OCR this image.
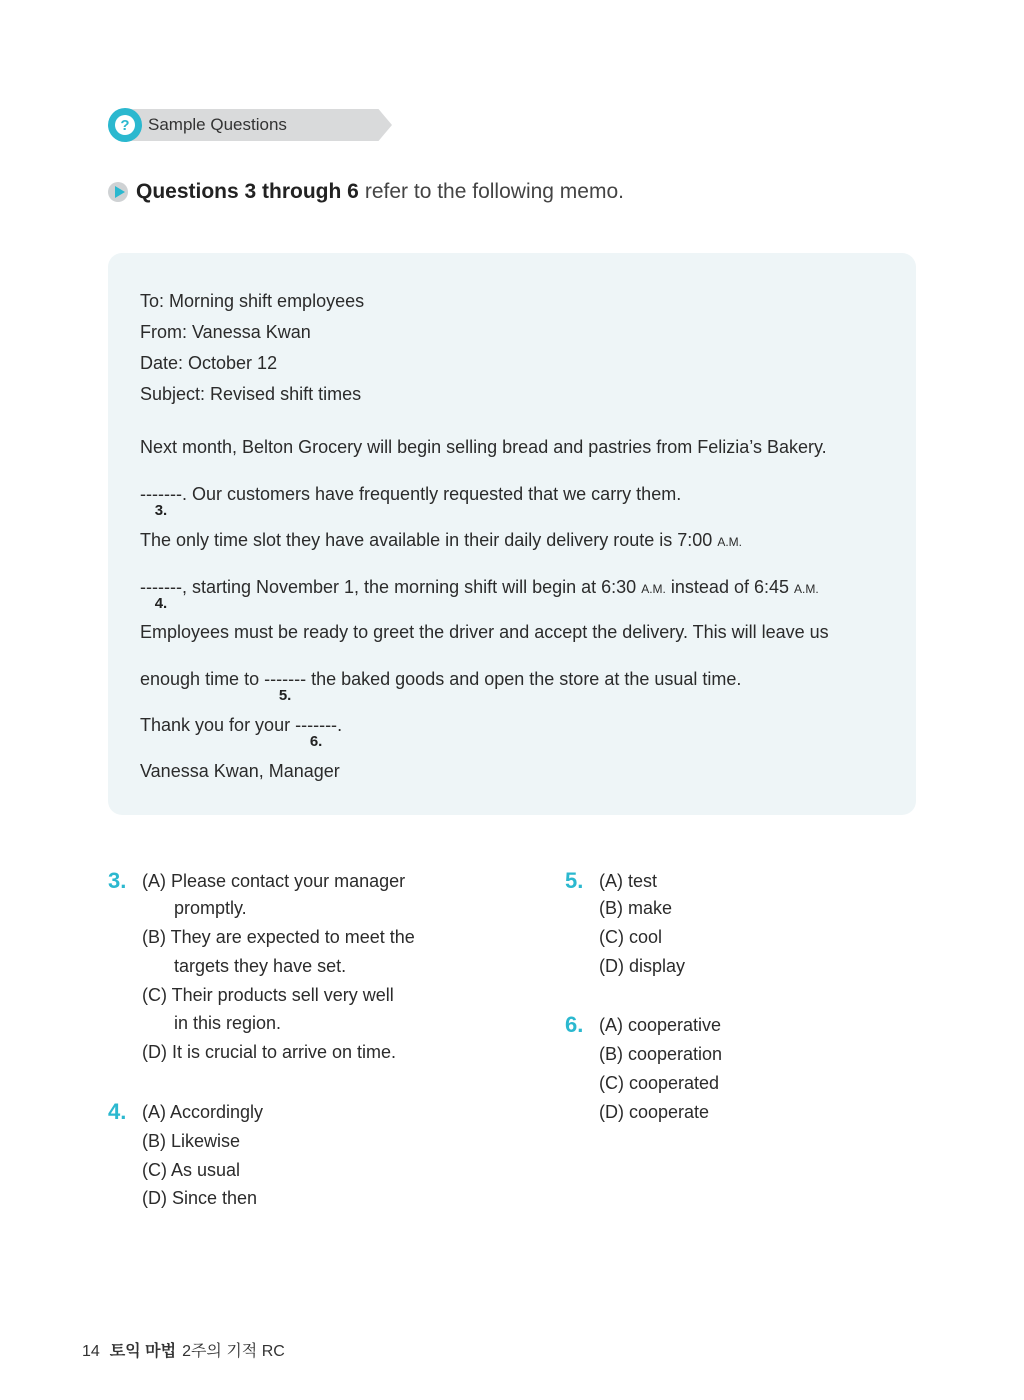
?	Sample Questions
Questions 3 through 6 refer to the following memo.
To: Morning shift employees
From: Vanessa Kwan
Date: October 12
Subject: Revised shift times
Next month, Belton Grocery will begin selling bread and pastries from Felizia’s Bakery.
-------
3.
. Our customers have frequently requested that we carry them.
The only time slot they have available in their daily delivery route is 7:00 A.M.
-------
4.
, starting November 1, the morning shift will begin at 6:30 A.M. instead of 6:45 A.M.
Employees must be ready to greet the driver and accept the delivery. This will leave us
enough time to -------
5.
the baked goods and open the store at the usual time.
Thank you for your -------
6.
.
Vanessa Kwan, Manager
3. (A) Please contact your manager
promptly.
(B) They are expected to meet the
targets they have set.
(C) Their products sell very well
in this region.
(D) It is crucial to arrive on time.
4. (A) Accordingly
(B) Likewise
(C) As usual
(D) Since then
5. (A) test
(B) make
(C) cool
(D) display
6. (A) cooperative
(B) cooperation
(C) cooperated
(D) cooperate
14 토익 마법 2주의 기적 RC
